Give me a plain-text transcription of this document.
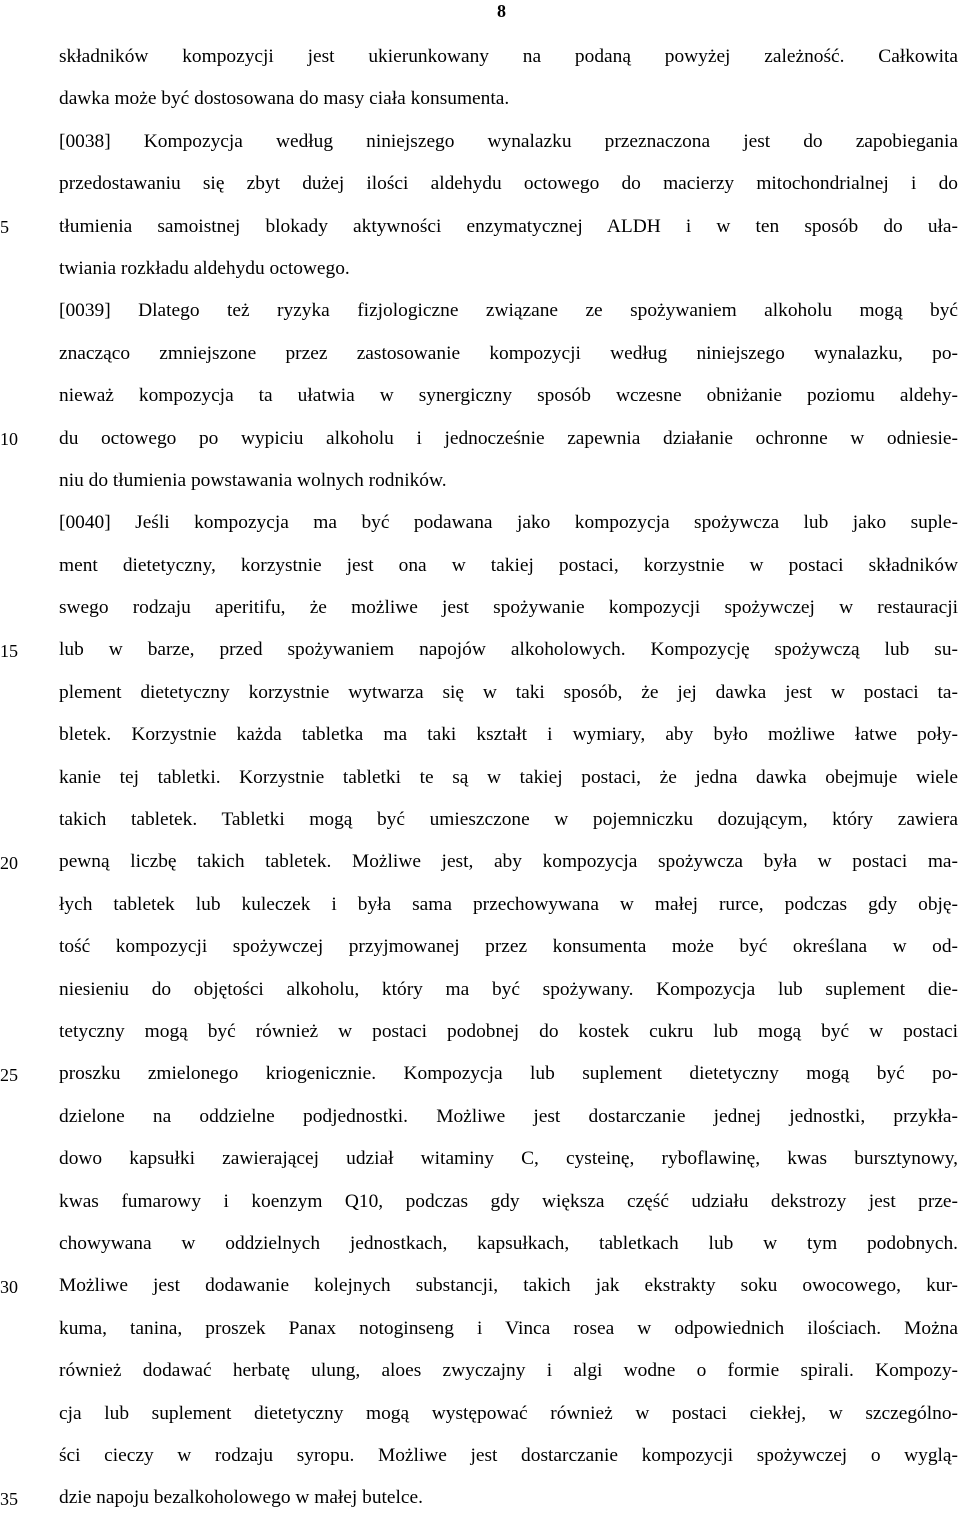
8
5
10
15
20
25
30
35
składników kompozycji jest ukierunkowany na podaną powyżej zależność. Całkowita
dawka może być dostosowana do masy ciała konsumenta.
[0038] Kompozycja według niniejszego wynalazku przeznaczona jest do zapobiegania
przedostawaniu się zbyt dużej ilości aldehydu octowego do macierzy mitochondrialnej i do
tłumienia samoistnej blokady aktywności enzymatycznej ALDH i w ten sposób do uła-
twiania rozkładu aldehydu octowego.
[0039] Dlatego też ryzyka fizjologiczne związane ze spożywaniem alkoholu mogą być
znacząco zmniejszone przez zastosowanie kompozycji według niniejszego wynalazku, po-
nieważ kompozycja ta ułatwia w synergiczny sposób wczesne obniżanie poziomu aldehy-
du octowego po wypiciu alkoholu i jednocześnie zapewnia działanie ochronne w odniesie-
niu do tłumienia powstawania wolnych rodników.
[0040] Jeśli kompozycja ma być podawana jako kompozycja spożywcza lub jako suple-
ment dietetyczny, korzystnie jest ona w takiej postaci, korzystnie w postaci składników
swego rodzaju aperitifu, że możliwe jest spożywanie kompozycji spożywczej w restauracji
lub w barze, przed spożywaniem napojów alkoholowych. Kompozycję spożywczą lub su-
plement dietetyczny korzystnie wytwarza się w taki sposób, że jej dawka jest w postaci ta-
bletek. Korzystnie każda tabletka ma taki kształt i wymiary, aby było możliwe łatwe poły-
kanie tej tabletki. Korzystnie tabletki te są w takiej postaci, że jedna dawka obejmuje wiele
takich tabletek. Tabletki mogą być umieszczone w pojemniczku dozującym, który zawiera
pewną liczbę takich tabletek. Możliwe jest, aby kompozycja spożywcza była w postaci ma-
łych tabletek lub kuleczek i była sama przechowywana w małej rurce, podczas gdy obję-
tość kompozycji spożywczej przyjmowanej przez konsumenta może być określana w od-
niesieniu do objętości alkoholu, który ma być spożywany. Kompozycja lub suplement die-
tetyczny mogą być również w postaci podobnej do kostek cukru lub mogą być w postaci
proszku zmielonego kriogenicznie. Kompozycja lub suplement dietetyczny mogą być po-
dzielone na oddzielne podjednostki. Możliwe jest dostarczanie jednej jednostki, przykła-
dowo kapsułki zawierającej udział witaminy C, cysteinę, ryboflawinę, kwas bursztynowy,
kwas fumarowy i koenzym Q10, podczas gdy większa część udziału dekstrozy jest prze-
chowywana w oddzielnych jednostkach, kapsułkach, tabletkach lub w tym podobnych.
Możliwe jest dodawanie kolejnych substancji, takich jak ekstrakty soku owocowego, kur-
kuma, tanina, proszek Panax notoginseng i Vinca rosea w odpowiednich ilościach. Można
również dodawać herbatę ulung, aloes zwyczajny i algi wodne o formie spirali. Kompozy-
cja lub suplement dietetyczny mogą występować również w postaci ciekłej, w szczególno-
ści cieczy w rodzaju syropu. Możliwe jest dostarczanie kompozycji spożywczej o wyglą-
dzie napoju bezalkoholowego w małej butelce.
